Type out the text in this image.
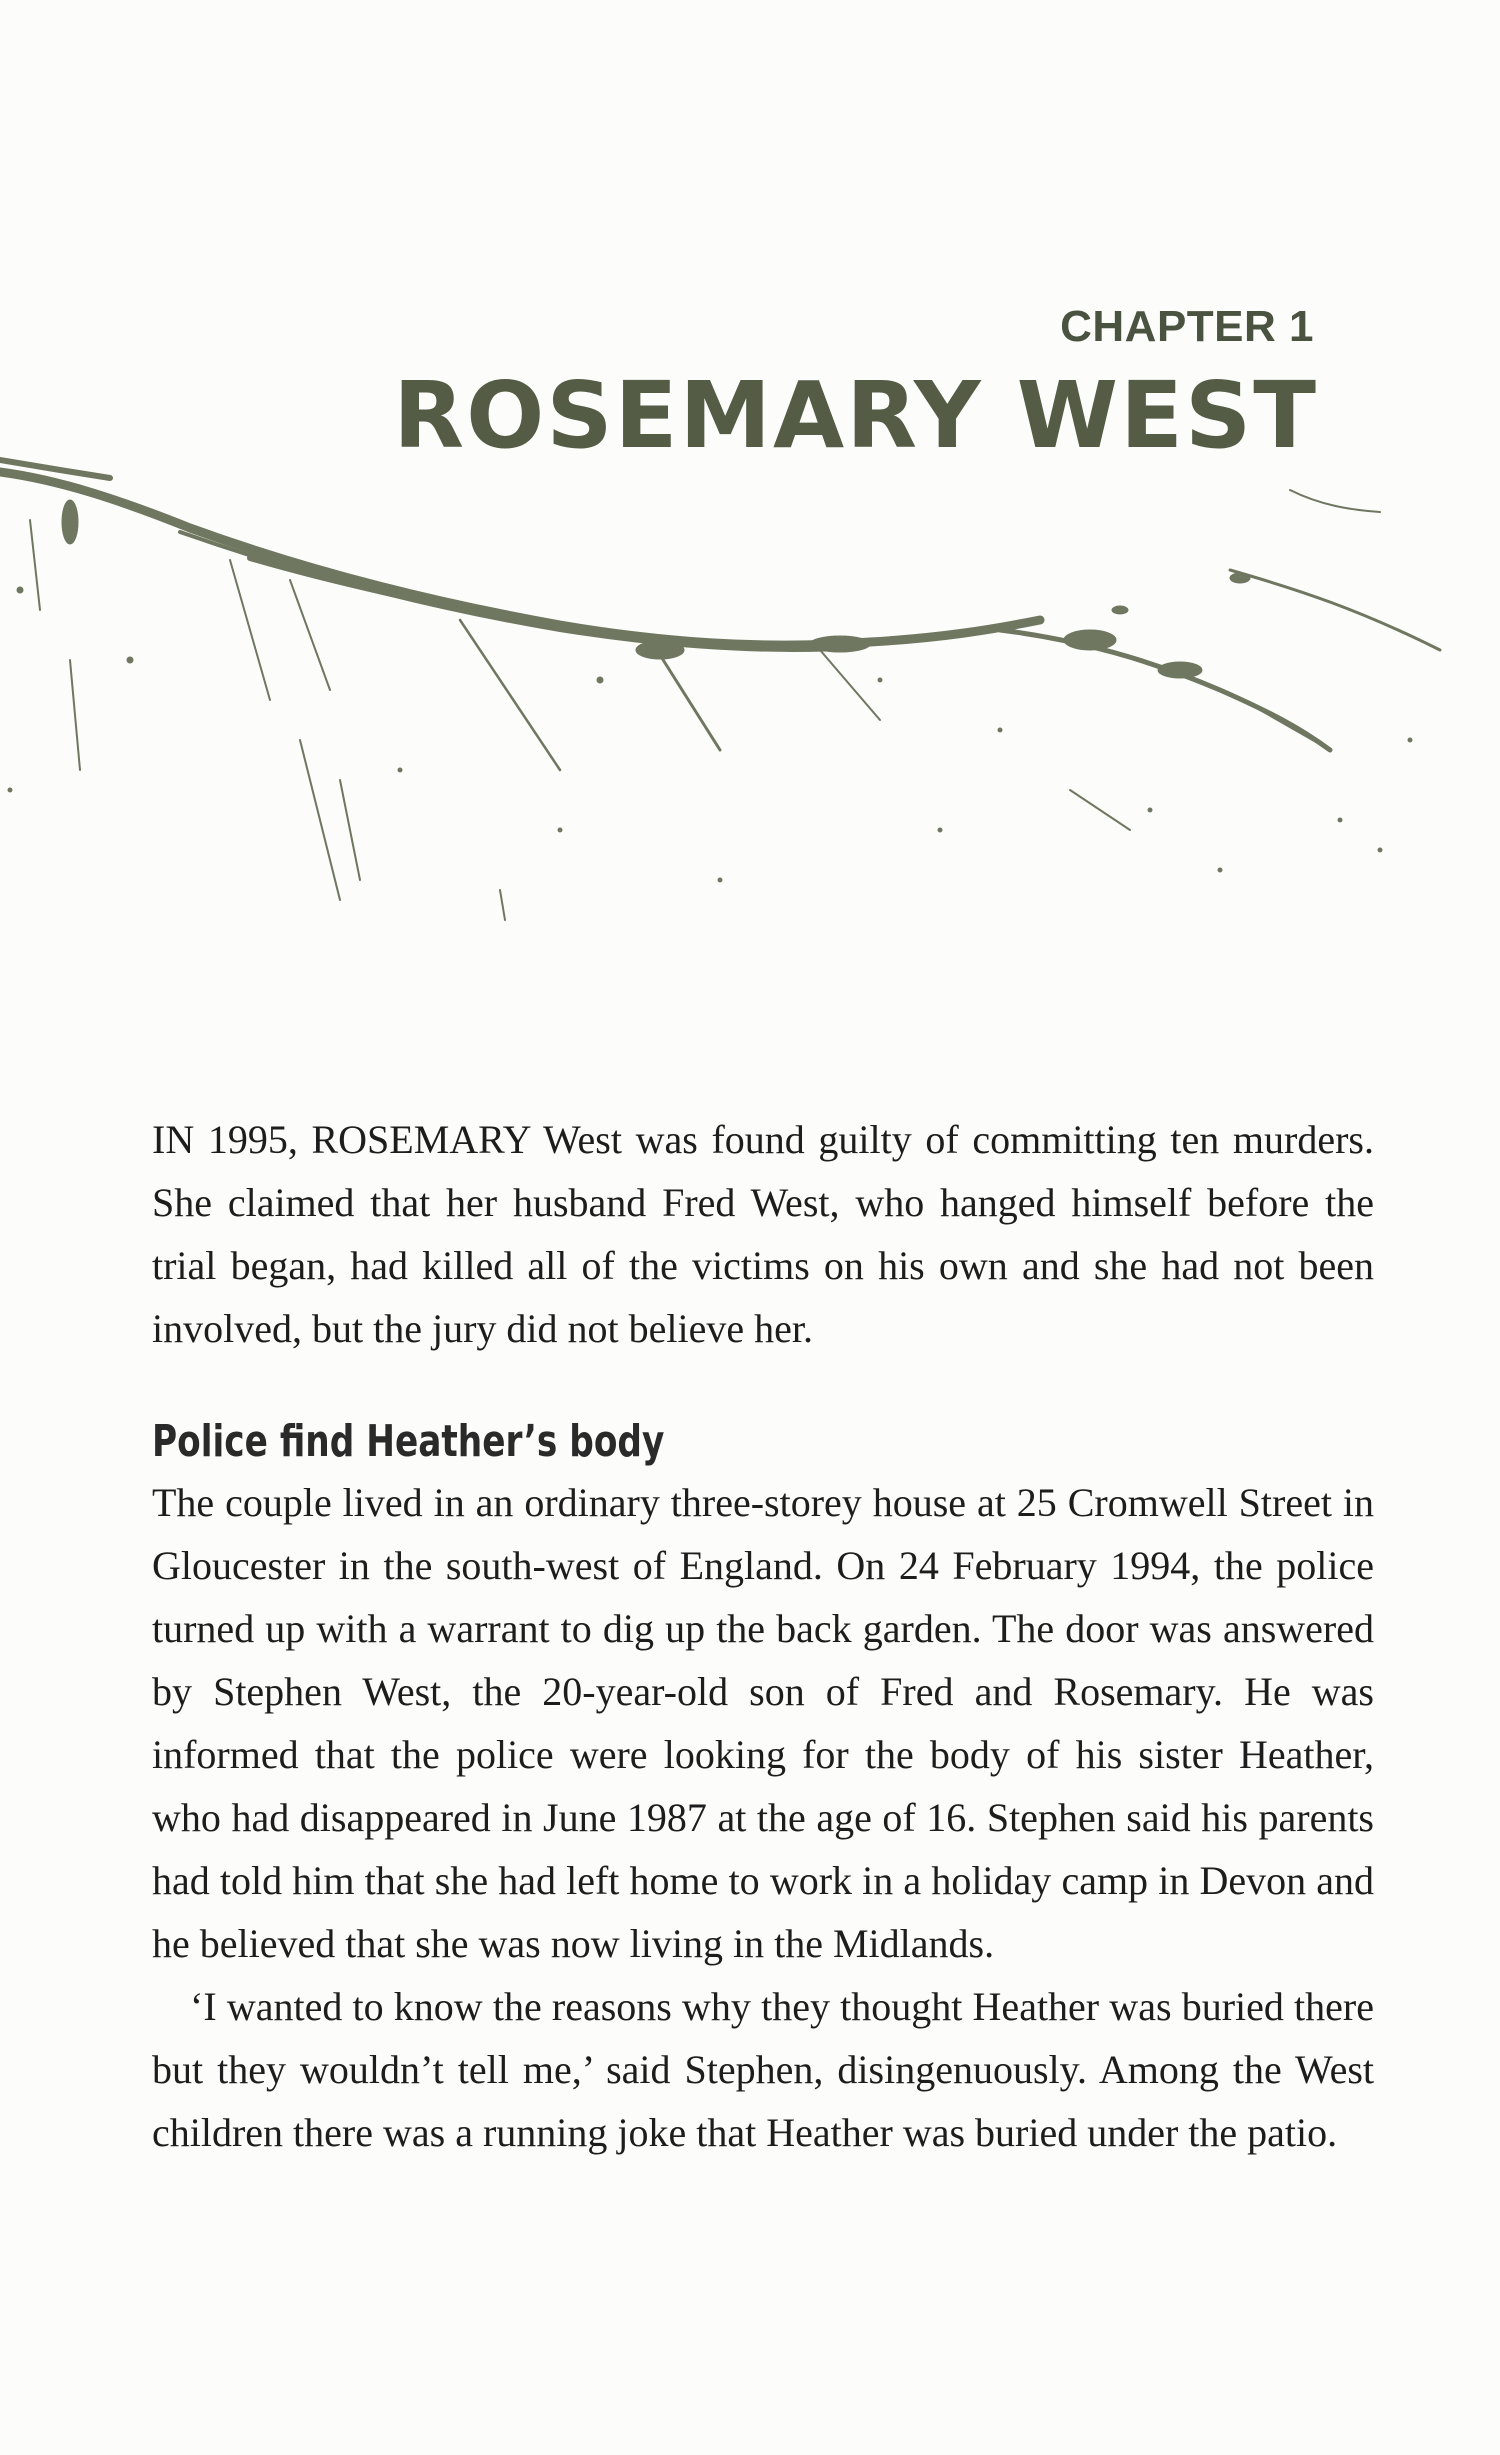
CHAPTER 1
ROSEMARY WEST

IN 1995, ROSEMARY West was found guilty of committing ten murders. She claimed that her husband Fred West, who hanged himself before the trial began, had killed all of the victims on his own and she had not been involved, but the jury did not believe her.

Police find Heather’s body

The couple lived in an ordinary three-storey house at 25 Cromwell Street in Gloucester in the south-west of England. On 24 February 1994, the police turned up with a warrant to dig up the back garden. The door was answered by Stephen West, the 20-year-old son of Fred and Rosemary. He was informed that the police were looking for the body of his sister Heather, who had disappeared in June 1987 at the age of 16. Stephen said his parents had told him that she had left home to work in a holiday camp in Devon and he believed that she was now living in the Midlands.

‘I wanted to know the reasons why they thought Heather was buried there but they wouldn’t tell me,’ said Stephen, disingenuously. Among the West children there was a running joke that Heather was buried under the patio.
